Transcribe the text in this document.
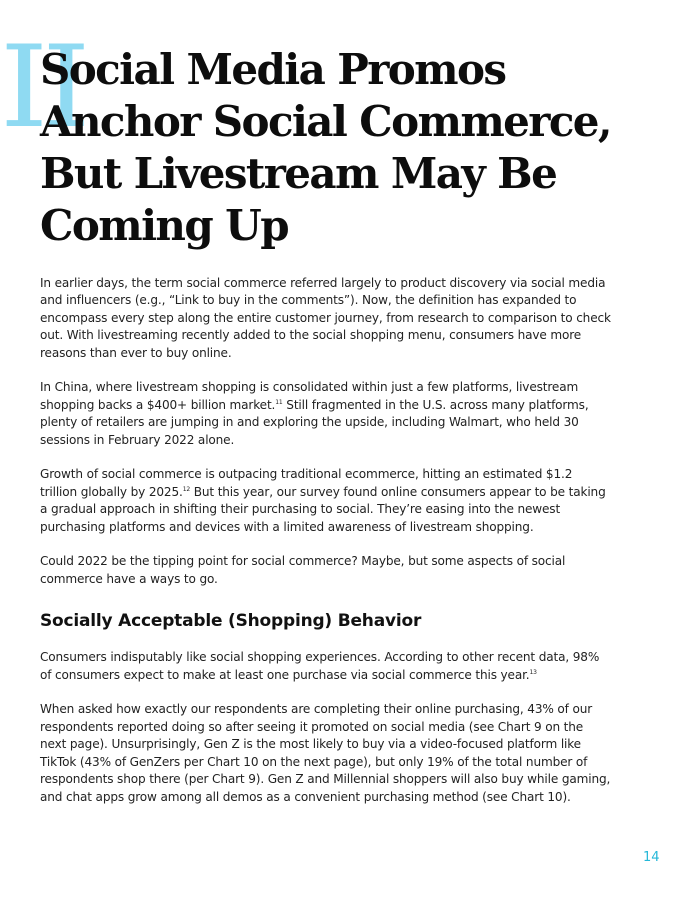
II
Social Media Promos
Anchor Social Commerce,
But Livestream May Be
Coming Up

In earlier days, the term social commerce referred largely to product discovery via social media
and influencers (e.g., “Link to buy in the comments”). Now, the definition has expanded to
encompass every step along the entire customer journey, from research to comparison to check
out. With livestreaming recently added to the social shopping menu, consumers have more
reasons than ever to buy online.

In China, where livestream shopping is consolidated within just a few platforms, livestream
shopping backs a $400+ billion market.$^{11}$ Still fragmented in the U.S. across many platforms,
plenty of retailers are jumping in and exploring the upside, including Walmart, who held 30
sessions in February 2022 alone.

Growth of social commerce is outpacing traditional ecommerce, hitting an estimated $1.2
trillion globally by 2025.12 But this year, our survey found online consumers appear to be taking
a gradual approach in shifting their purchasing to social. They’re easing into the newest
purchasing platforms and devices with a limited awareness of livestream shopping.

Could 2022 be the tipping point for social commerce? Maybe, but some aspects of social
commerce have a ways to go.

Socially Acceptable (Shopping) Behavior

Consumers indisputably like social shopping experiences. According to other recent data, 98%
of consumers expect to make at least one purchase via social commerce this year.$^{13}$

When asked how exactly our respondents are completing their online purchasing, 43% of our
respondents reported doing so after seeing it promoted on social media (see Chart 9 on the
next page). Unsurprisingly, Gen Z is the most likely to buy via a video-focused platform like
TikTok (43% of GenZers per Chart 10 on the next page), but only 19% of the total number of
respondents shop there (per Chart 9). Gen Z and Millennial shoppers will also buy while gaming,
and chat apps grow among all demos as a convenient purchasing method (see Chart 10).

14
